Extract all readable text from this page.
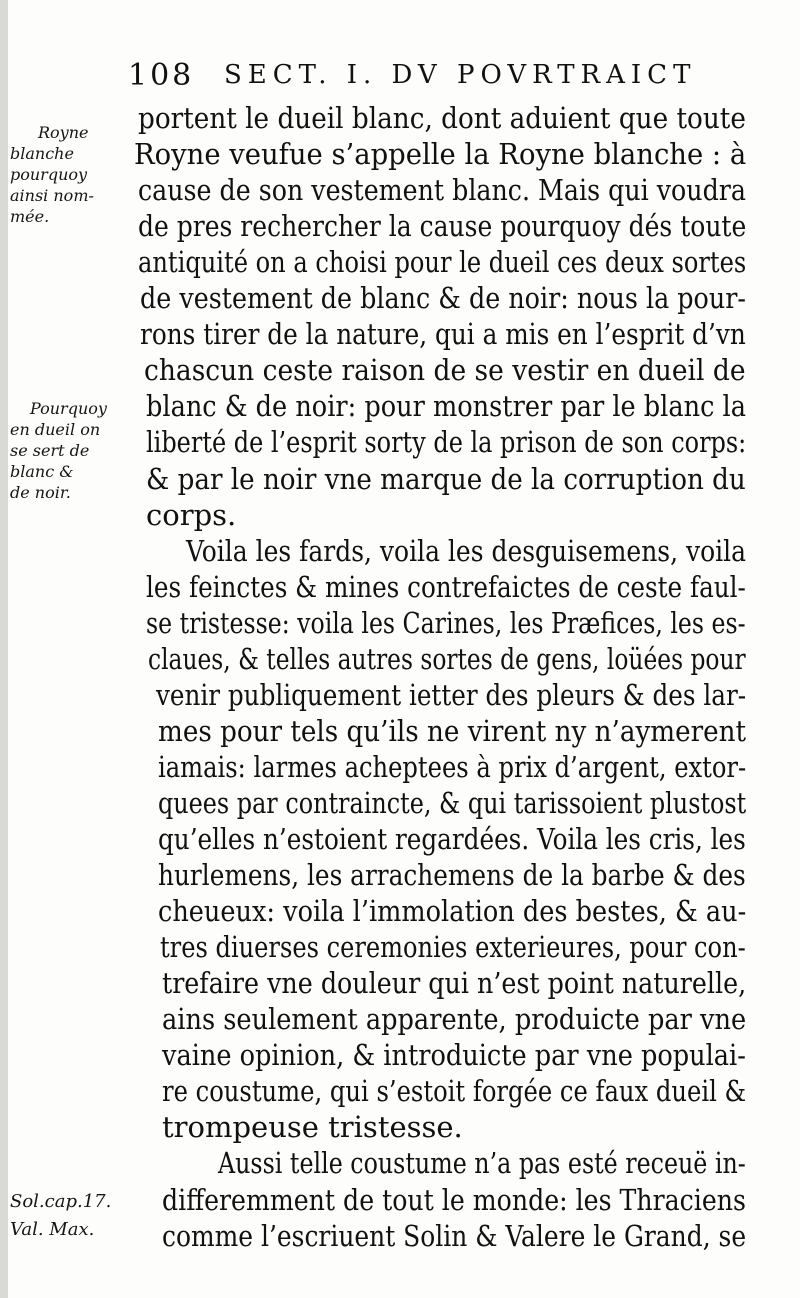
108 SECT. I. DV POVRTRAICT
Royne
blanche
pourquoy
ainsi nom-
mée.
Pourquoy
en dueil on
se sert de
blanc &
de noir.
Sol.cap.17.
Val. Max.
portent le dueil blanc, dont aduient que toute
Royne veufue s’appelle la Royne blanche : à
cause de son vestement blanc. Mais qui voudra
de pres rechercher la cause pourquoy dés toute
antiquité on a choisi pour le dueil ces deux sortes
de vestement de blanc & de noir: nous la pour-
rons tirer de la nature, qui a mis en l’esprit d’vn
chascun ceste raison de se vestir en dueil de
blanc & de noir: pour monstrer par le blanc la
liberté de l’esprit sorty de la prison de son corps:
& par le noir vne marque de la corruption du
corps.
Voila les fards, voila les desguisemens, voila
les feinctes & mines contrefaictes de ceste faul-
se tristesse: voila les Carines, les Præfices, les es-
claues, & telles autres sortes de gens, loüées pour
venir publiquement ietter des pleurs & des lar-
mes pour tels qu’ils ne virent ny n’aymerent
iamais: larmes acheptees à prix d’argent, extor-
quees par contraincte, & qui tarissoient plustost
qu’elles n’estoient regardées. Voila les cris, les
hurlemens, les arrachemens de la barbe & des
cheueux: voila l’immolation des bestes, & au-
tres diuerses ceremonies exterieures, pour con-
trefaire vne douleur qui n’est point naturelle,
ains seulement apparente, produicte par vne
vaine opinion, & introduicte par vne populai-
re coustume, qui s’estoit forgée ce faux dueil &
trompeuse tristesse.
Aussi telle coustume n’a pas esté receuë in-
differemment de tout le monde: les Thraciens
comme l’escriuent Solin & Valere le Grand, se
